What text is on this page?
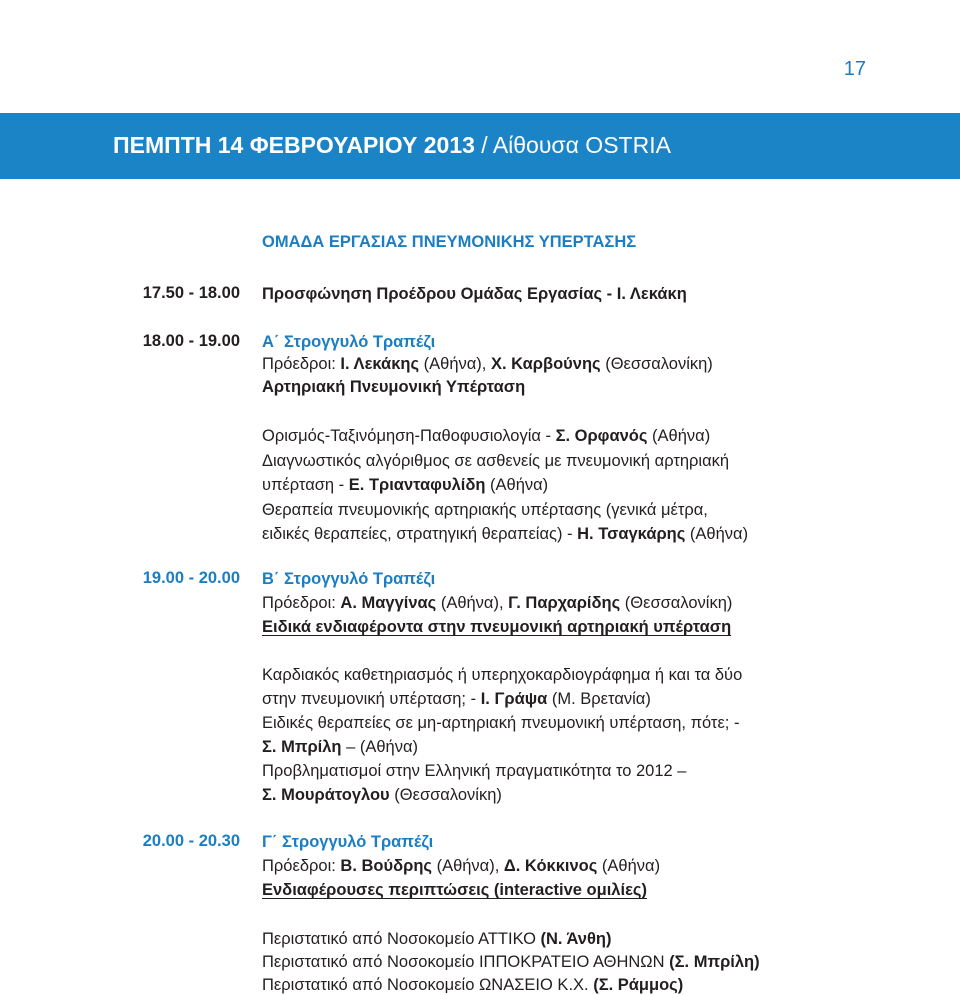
17
ΠΕΜΠΤΗ 14 ΦΕΒΡΟΥΑΡΙΟΥ 2013 / Αίθουσα OSTRIA
ΟΜΑΔΑ ΕΡΓΑΣΙΑΣ ΠΝΕΥΜΟΝΙΚΗΣ ΥΠΕΡΤΑΣΗΣ
17.50 - 18.00 Προσφώνηση Προέδρου Ομάδας Εργασίας - Ι. Λεκάκη
18.00 - 19.00 Α΄ Στρογγυλό Τραπέζι
Πρόεδροι: Ι. Λεκάκης (Αθήνα), Χ. Καρβούνης (Θεσσαλονίκη)
Αρτηριακή Πνευμονική Υπέρταση
Ορισμός-Ταξινόμηση-Παθοφυσιολογία - Σ. Ορφανός (Αθήνα)
Διαγνωστικός αλγόριθμος σε ασθενείς με πνευμονική αρτηριακή
υπέρταση - Ε. Τριανταφυλίδη (Αθήνα)
Θεραπεία πνευμονικής αρτηριακής υπέρτασης (γενικά μέτρα,
ειδικές θεραπείες, στρατηγική θεραπείας) - Η. Τσαγκάρης (Αθήνα)
19.00 - 20.00 Β΄ Στρογγυλό Τραπέζι
Πρόεδροι: Α. Μαγγίνας (Αθήνα), Γ. Παρχαρίδης (Θεσσαλονίκη)
Ειδικά ενδιαφέροντα στην πνευμονική αρτηριακή υπέρταση
Καρδιακός καθετηριασμός ή υπερηχοκαρδιογράφημα ή και τα δύο
στην πνευμονική υπέρταση; - Ι. Γράψα (Μ. Βρετανία)
Ειδικές θεραπείες σε μη-αρτηριακή πνευμονική υπέρταση, πότε; -
Σ. Μπρίλη – (Αθήνα)
Προβληματισμοί στην Ελληνική πραγματικότητα το 2012 –
Σ. Μουράτογλου (Θεσσαλονίκη)
20.00 - 20.30 Γ΄ Στρογγυλό Τραπέζι
Πρόεδροι: Β. Βούδρης (Αθήνα), Δ. Κόκκινος (Αθήνα)
Ενδιαφέρουσες περιπτώσεις (interactive ομιλίες)
Περιστατικό από Νοσοκομείο ΑΤΤΙΚΟ (Ν. Άνθη)
Περιστατικό από Νοσοκομείο ΙΠΠΟΚΡΑΤΕΙΟ ΑΘΗΝΩΝ (Σ. Μπρίλη)
Περιστατικό από Νοσοκομείο ΩΝΑΣΕΙΟ Κ.Χ. (Σ. Ράμμος)
